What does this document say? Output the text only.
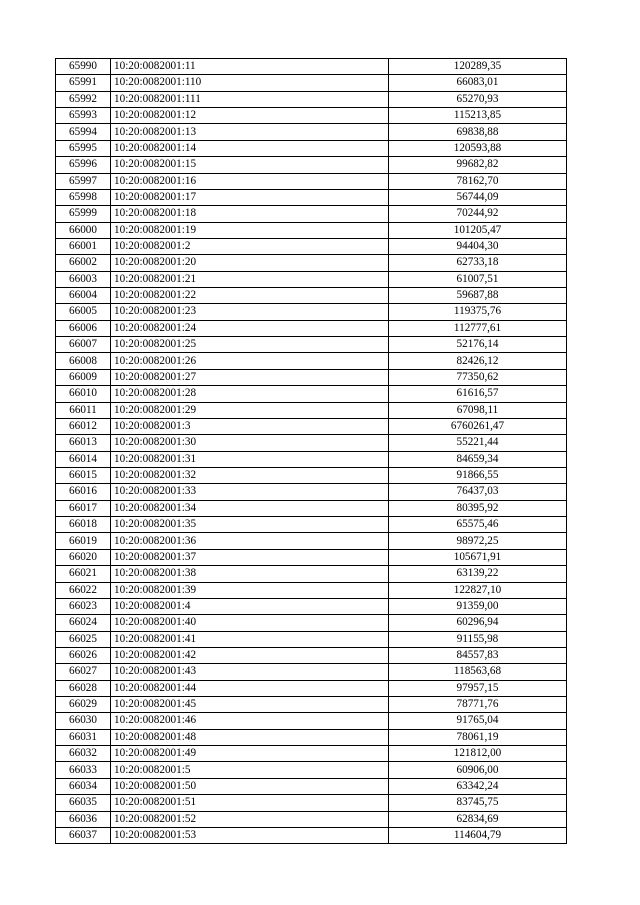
65990	10:20:0082001:11	120289,35
65991	10:20:0082001:110	66083,01
65992	10:20:0082001:111	65270,93
65993	10:20:0082001:12	115213,85
65994	10:20:0082001:13	69838,88
65995	10:20:0082001:14	120593,88
65996	10:20:0082001:15	99682,82
65997	10:20:0082001:16	78162,70
65998	10:20:0082001:17	56744,09
65999	10:20:0082001:18	70244,92
66000	10:20:0082001:19	101205,47
66001	10:20:0082001:2	94404,30
66002	10:20:0082001:20	62733,18
66003	10:20:0082001:21	61007,51
66004	10:20:0082001:22	59687,88
66005	10:20:0082001:23	119375,76
66006	10:20:0082001:24	112777,61
66007	10:20:0082001:25	52176,14
66008	10:20:0082001:26	82426,12
66009	10:20:0082001:27	77350,62
66010	10:20:0082001:28	61616,57
66011	10:20:0082001:29	67098,11
66012	10:20:0082001:3	6760261,47
66013	10:20:0082001:30	55221,44
66014	10:20:0082001:31	84659,34
66015	10:20:0082001:32	91866,55
66016	10:20:0082001:33	76437,03
66017	10:20:0082001:34	80395,92
66018	10:20:0082001:35	65575,46
66019	10:20:0082001:36	98972,25
66020	10:20:0082001:37	105671,91
66021	10:20:0082001:38	63139,22
66022	10:20:0082001:39	122827,10
66023	10:20:0082001:4	91359,00
66024	10:20:0082001:40	60296,94
66025	10:20:0082001:41	91155,98
66026	10:20:0082001:42	84557,83
66027	10:20:0082001:43	118563,68
66028	10:20:0082001:44	97957,15
66029	10:20:0082001:45	78771,76
66030	10:20:0082001:46	91765,04
66031	10:20:0082001:48	78061,19
66032	10:20:0082001:49	121812,00
66033	10:20:0082001:5	60906,00
66034	10:20:0082001:50	63342,24
66035	10:20:0082001:51	83745,75
66036	10:20:0082001:52	62834,69
66037	10:20:0082001:53	114604,79
